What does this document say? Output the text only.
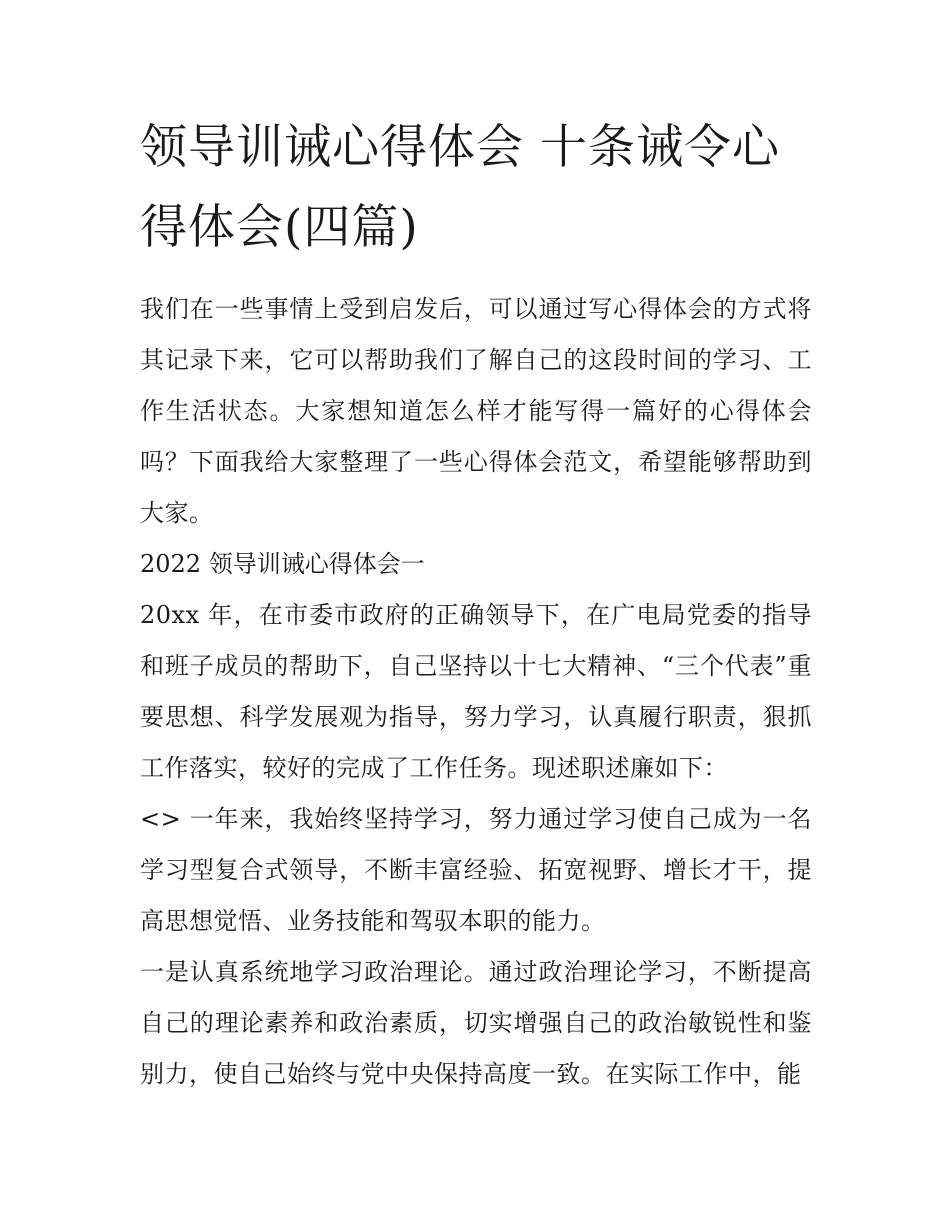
领导训诫心得体会 十条诫令心得体会(四篇)

我们在一些事情上受到启发后，可以通过写心得体会的方式将其记录下来，它可以帮助我们了解自己的这段时间的学习、工作生活状态。大家想知道怎么样才能写得一篇好的心得体会吗？下面我给大家整理了一些心得体会范文，希望能够帮助到大家。

2022 领导训诫心得体会一

20xx 年，在市委市政府的正确领导下，在广电局党委的指导和班子成员的帮助下，自己坚持以十七大精神、“三个代表”重要思想、科学发展观为指导，努力学习，认真履行职责，狠抓工作落实，较好的完成了工作任务。现述职述廉如下：

<> 一年来，我始终坚持学习，努力通过学习使自己成为一名学习型复合式领导，不断丰富经验、拓宽视野、增长才干，提高思想觉悟、业务技能和驾驭本职的能力。

一是认真系统地学习政治理论。通过政治理论学习，不断提高自己的理论素养和政治素质，切实增强自己的政治敏锐性和鉴别力，使自己始终与党中央保持高度一致。在实际工作中，能
